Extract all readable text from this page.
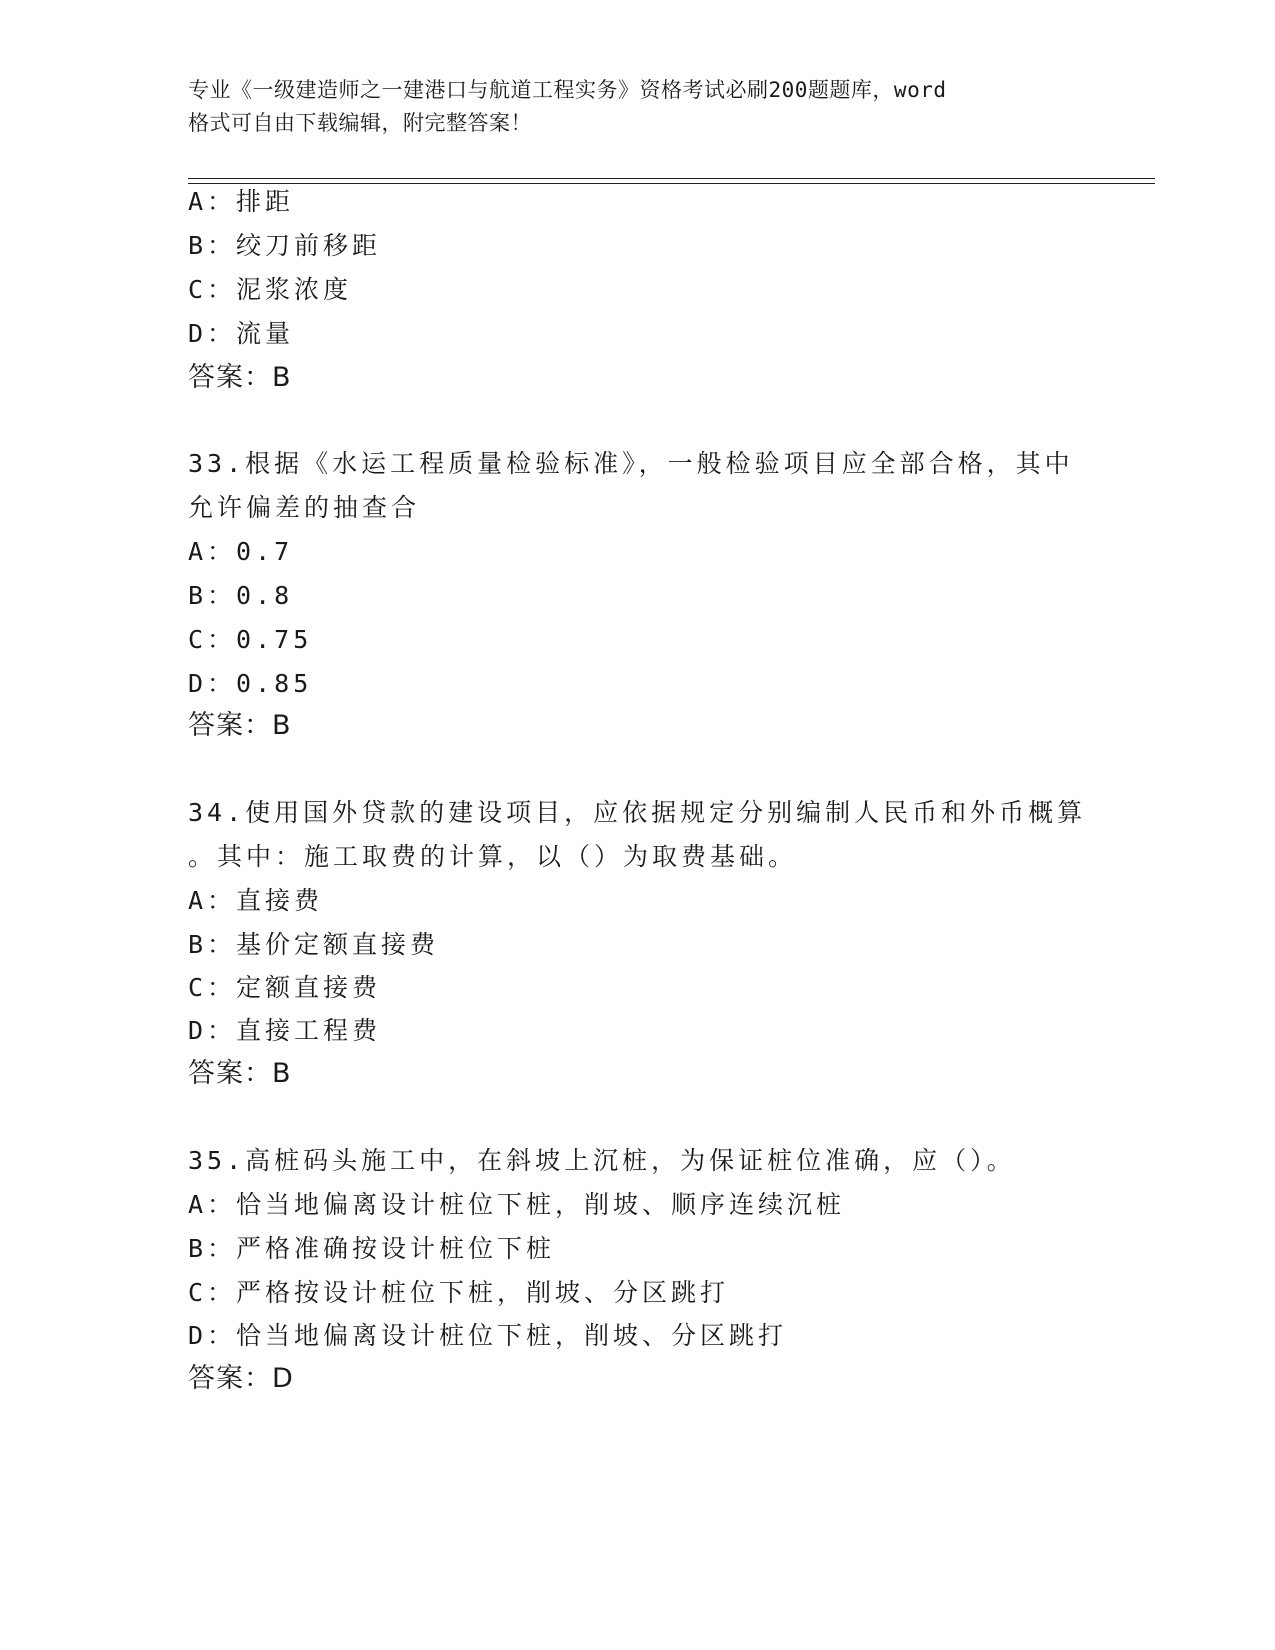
专业《一级建造师之一建港口与航道工程实务》资格考试必刷200题题库，word
格式可自由下载编辑，附完整答案！
A：排距
B：绞刀前移距
C：泥浆浓度
D：流量
答案：B
33.根据《水运工程质量检验标准》，一般检验项目应全部合格，其中
允许偏差的抽查合
A：0.7
B：0.8
C：0.75
D：0.85
答案：B
34.使用国外贷款的建设项目，应依据规定分别编制人民币和外币概算
。其中：施工取费的计算，以（）为取费基础。
A：直接费
B：基价定额直接费
C：定额直接费
D：直接工程费
答案：B
35.高桩码头施工中，在斜坡上沉桩，为保证桩位准确，应（）。
A：恰当地偏离设计桩位下桩，削坡、顺序连续沉桩
B：严格准确按设计桩位下桩
C：严格按设计桩位下桩，削坡、分区跳打
D：恰当地偏离设计桩位下桩，削坡、分区跳打
答案：D
